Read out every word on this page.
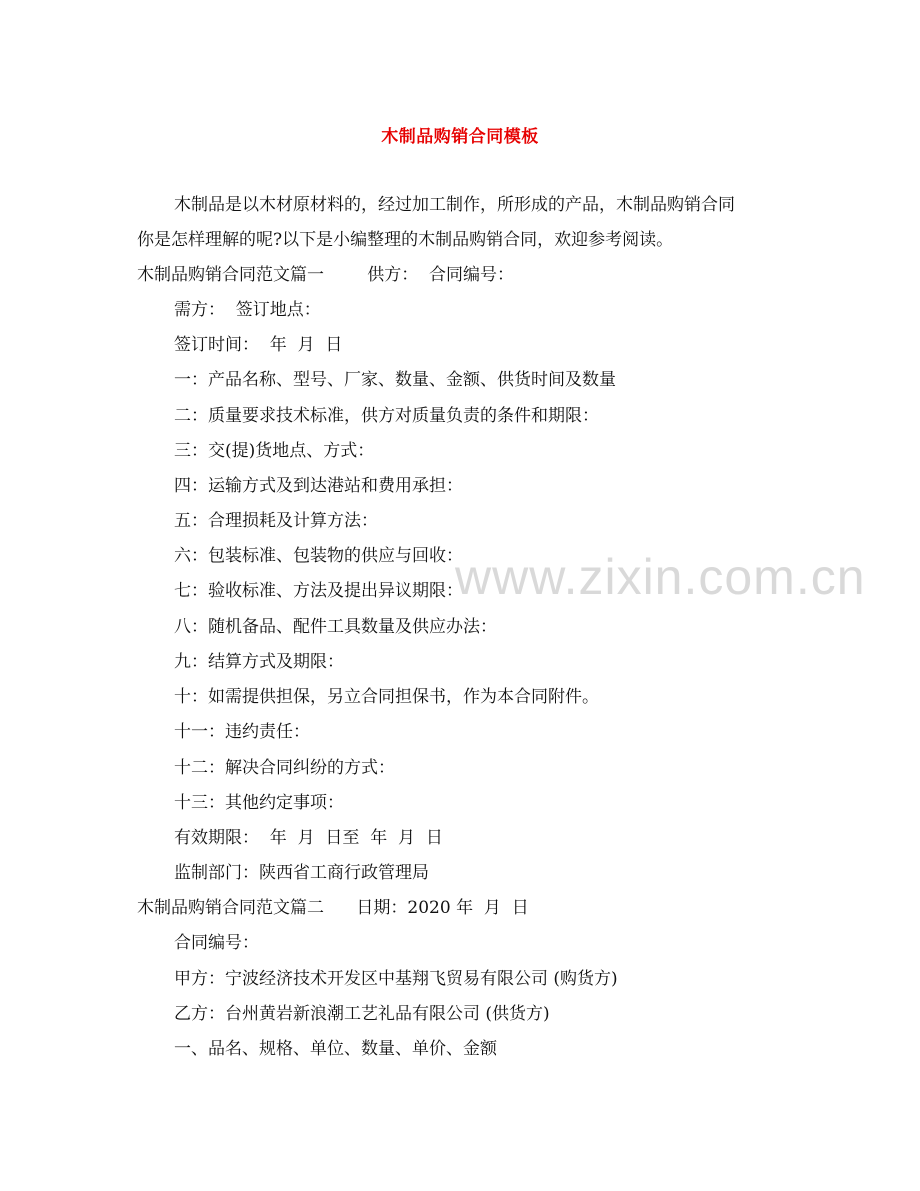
木制品购销合同模板
木制品是以木材原材料的，经过加工制作，所形成的产品，木制品购销合同
你是怎样理解的呢?以下是小编整理的木制品购销合同，欢迎参考阅读。
木制品购销合同范文篇一        供方：  合同编号：
需方：  签订地点：
签订时间：  年  月  日
一：产品名称、型号、厂家、数量、金额、供货时间及数量
二：质量要求技术标准，供方对质量负责的条件和期限：
三：交(提)货地点、方式：
四：运输方式及到达港站和费用承担：
五：合理损耗及计算方法：
六：包装标准、包装物的供应与回收：
七：验收标准、方法及提出异议期限：
八：随机备品、配件工具数量及供应办法：
九：结算方式及期限：
十：如需提供担保，另立合同担保书，作为本合同附件。
十一：违约责任：
十二：解决合同纠纷的方式：
十三：其他约定事项：
有效期限：  年  月  日至  年  月  日
监制部门：陕西省工商行政管理局
木制品购销合同范文篇二      日期：2020 年  月  日
合同编号：
甲方：宁波经济技术开发区中基翔飞贸易有限公司 (购货方)
乙方：台州黄岩新浪潮工艺礼品有限公司 (供货方)
一、品名、规格、单位、数量、单价、金额
www.zixin.com.cn
